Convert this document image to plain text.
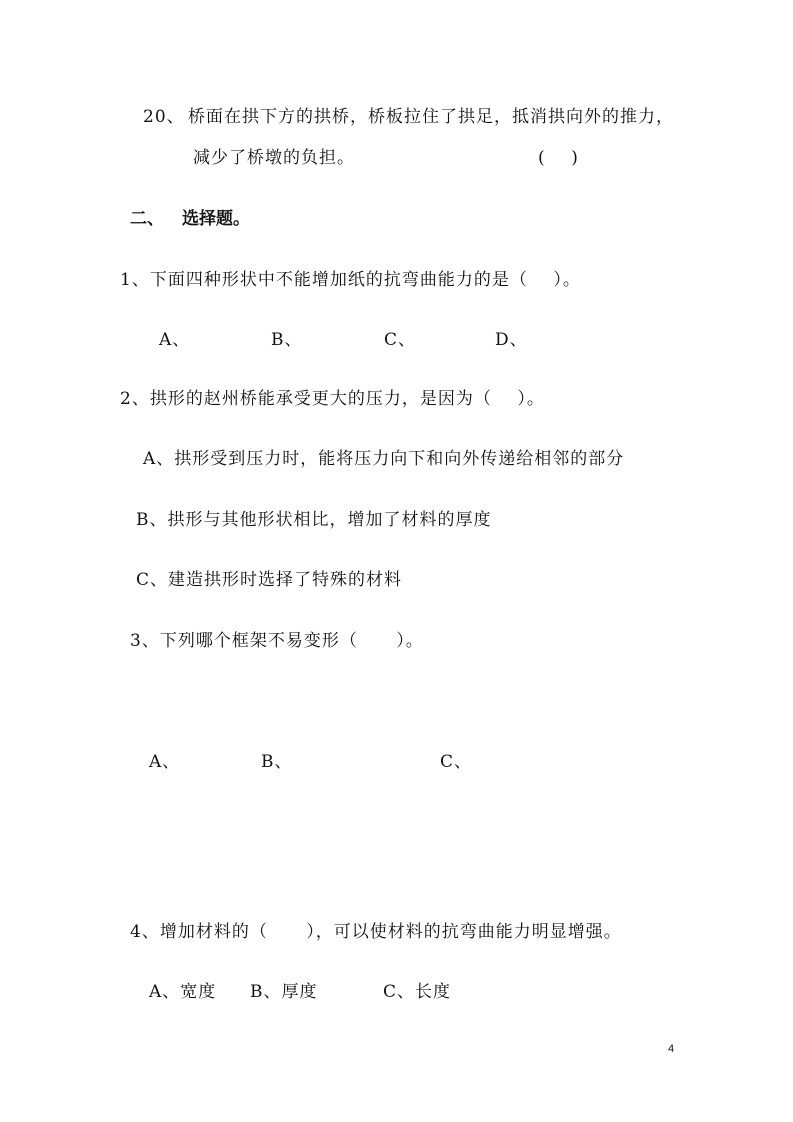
20、 桥面在拱下方的拱桥，桥板拉住了拱足，抵消拱向外的推力，
减少了桥墩的负担。	(    )
二、 选择题。
1、下面四种形状中不能增加纸的抗弯曲能力的是（    ）。
A、	B、	C、	D、
2、拱形的赵州桥能承受更大的压力，是因为（    ）。
A、拱形受到压力时，能将压力向下和向外传递给相邻的部分
B、拱形与其他形状相比，增加了材料的厚度
C、建造拱形时选择了特殊的材料
3、下列哪个框架不易变形（      ）。
A、	B、	C、
4、增加材料的（      ），可以使材料的抗弯曲能力明显增强。
A、宽度 B、厚度	C、长度
4
